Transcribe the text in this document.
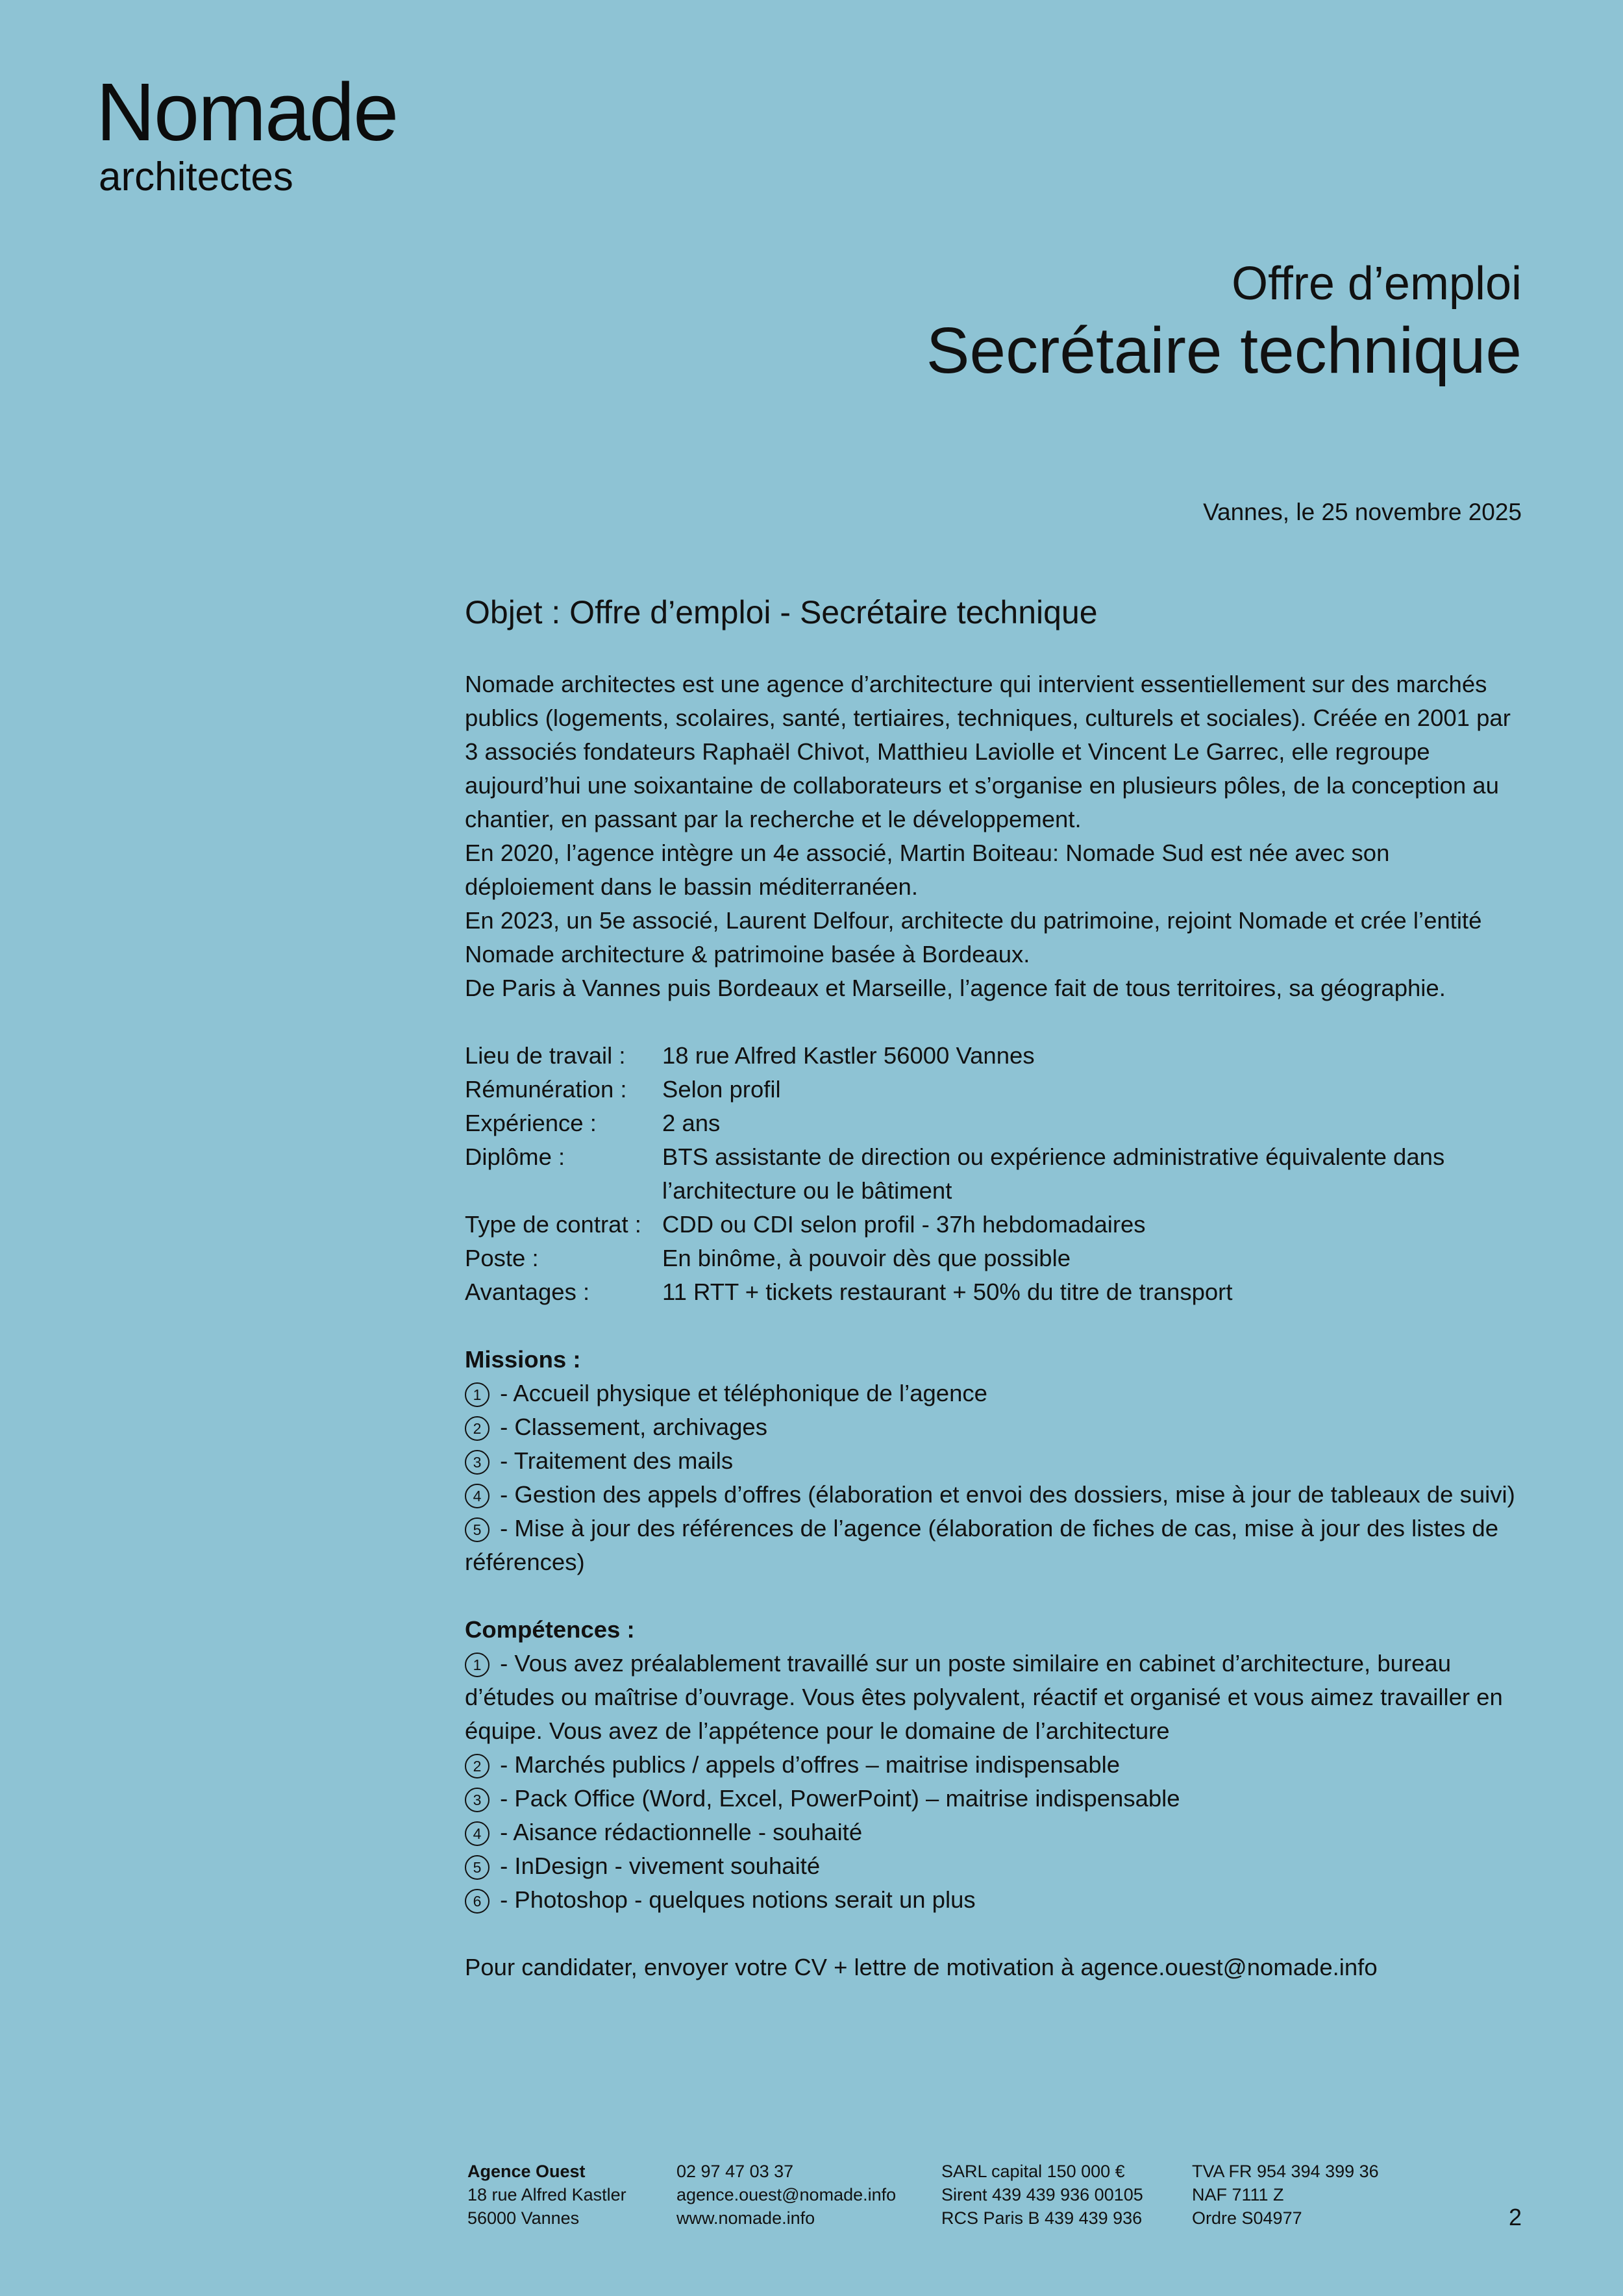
Nomade
architectes
Offre d’emploi
Secrétaire technique
Vannes, le 25 novembre 2025
Objet : Offre d’emploi - Secrétaire technique

Nomade architectes est une agence d’architecture qui intervient essentiellement sur des marchés publics (logements, scolaires, santé, tertiaires, techniques, culturels et sociales). Créée en 2001 par 3 associés fondateurs Raphaël Chivot, Matthieu Laviolle et Vincent Le Garrec, elle regroupe aujourd’hui une soixantaine de collaborateurs et s’organise en plusieurs pôles, de la conception au chantier, en passant par la recherche et le développement.

En 2020, l’agence intègre un 4e associé, Martin Boiteau: Nomade Sud est née avec son déploiement dans le bassin méditerranéen.

En 2023, un 5e associé, Laurent Delfour, architecte du patrimoine, rejoint Nomade et crée l’entité Nomade architecture & patrimoine basée à Bordeaux.

De Paris à Vannes puis Bordeaux et Marseille, l’agence fait de tous territoires, sa géographie.

Lieu de travail :	18 rue Alfred Kastler 56000 Vannes
Rémunération :	Selon profil
Expérience :	2 ans
Diplôme :	BTS assistante de direction ou expérience administrative équivalente dans l’architecture ou le bâtiment
Type de contrat :	CDD ou CDI selon profil - 37h hebdomadaires
Poste :	En binôme, à pouvoir dès que possible
Avantages :	11 RTT + tickets restaurant + 50% du titre de transport
Missions :
1 - Accueil physique et téléphonique de l’agence
2 - Classement, archivages
3 - Traitement des mails
4 - Gestion des appels d’offres (élaboration et envoi des dossiers, mise à jour de tableaux de suivi)
5 - Mise à jour des références de l’agence (élaboration de fiches de cas, mise à jour des listes de références)
Compétences :
1 - Vous avez préalablement travaillé sur un poste similaire en cabinet d’architecture, bureau d’études ou maîtrise d’ouvrage. Vous êtes polyvalent, réactif et organisé et vous aimez travailler en équipe. Vous avez de l’appétence pour le domaine de l’architecture
2 - Marchés publics / appels d’offres – maitrise indispensable
3 - Pack Office (Word, Excel, PowerPoint) – maitrise indispensable
4 - Aisance rédactionnelle - souhaité
5 - InDesign - vivement souhaité
6 - Photoshop - quelques notions serait un plus
Pour candidater, envoyer votre CV + lettre de motivation à agence.ouest@nomade.info
Agence Ouest
18 rue Alfred Kastler
56000 Vannes
02 97 47 03 37
agence.ouest@nomade.info
www.nomade.info
SARL capital 150 000 €
Sirent 439 439 936 00105
RCS Paris B 439 439 936
TVA FR 954 394 399 36
NAF 7111 Z
Ordre S04977	2
